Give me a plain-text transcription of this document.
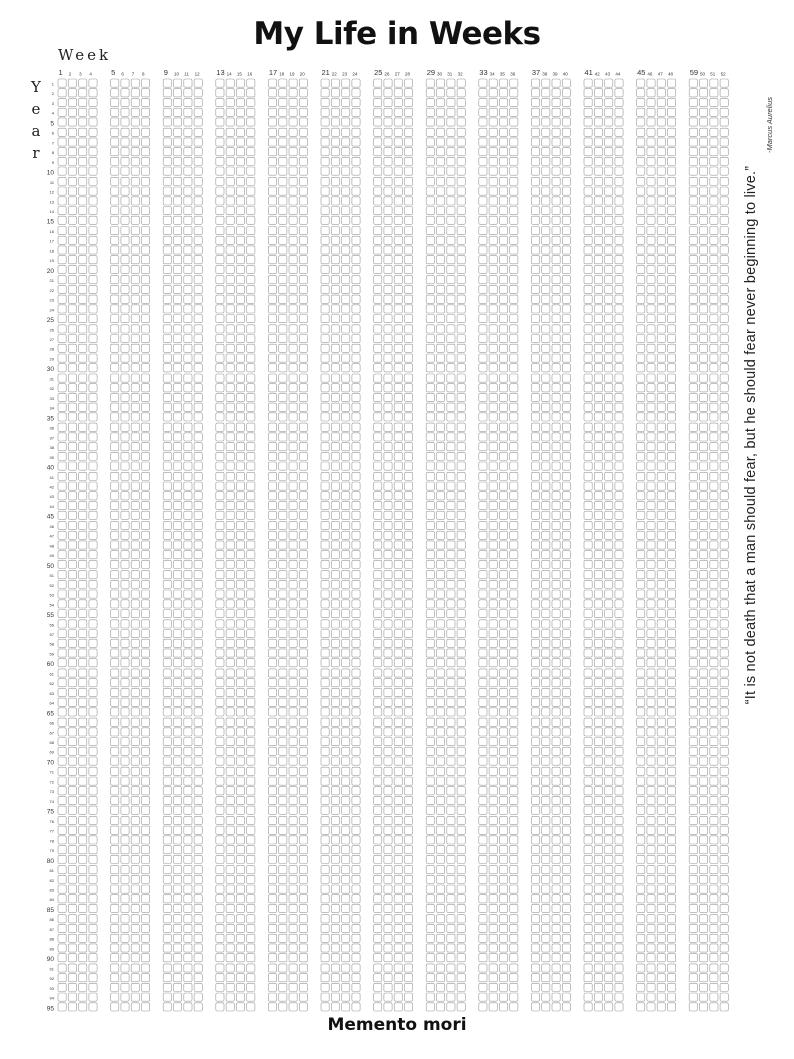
My Life in Weeks
Week
Y
e
a
r
1 2 3 4	5 6 7 8	9 10 11 12 13 14 15 16 17 18 19 20 21 22 23 24 25 26 27 28 29 30 31 32 33 34 35 36 37 38 39 40 41 42 43 44 45 46 47 48 59 50 51 52
1
2
3
4
5
6
7
8
9
10
11
12
13
14
15
16
17
18
19
20
21
22
23
24
25
26
27
28
29
30
31
32
33
34
35
36
37
38
39
40
41
42
43
44
45
46
47
48
49
50
51
52
53
54
55
56
57
58
59
60
61
62
63
64
65
66
67
68
69
70
71
72
73
74
75
76
77
78
79
80
81
82
83
84
85
86
87
88
89
90
91
92
93
94
95
“It is not death that a man should fear, but he should fear never beginning to live.”
-Marcus Aurelius
Memento mori
